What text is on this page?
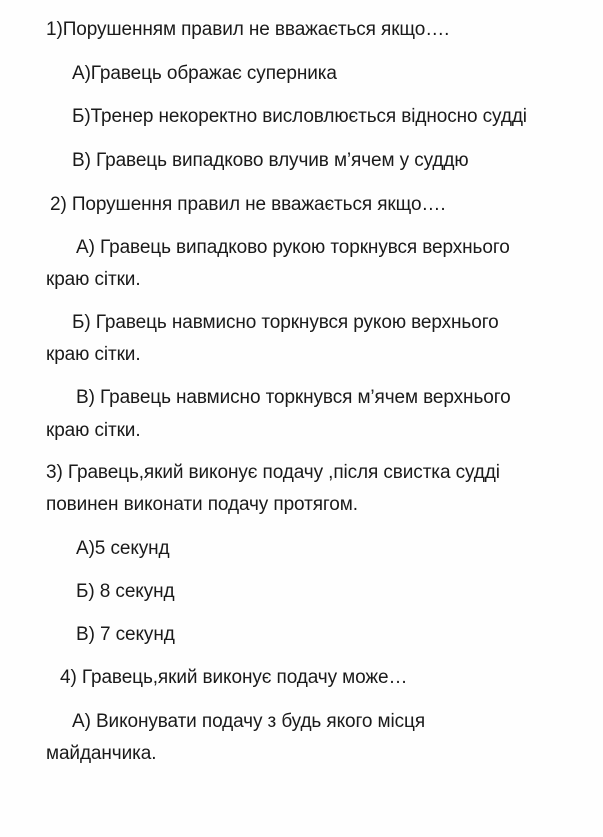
1)Порушенням правил не вважається якщо….
А)Гравець ображає суперника
Б)Тренер некоректно висловлюється відносно судді
В) Гравець випадково влучив м’ячем у суддю
2) Порушення правил не вважається якщо….
А) Гравець випадково рукою торкнувся верхнього
краю сітки.
Б) Гравець навмисно торкнувся рукою верхнього
краю сітки.
В) Гравець навмисно торкнувся м’ячем верхнього
краю сітки.
3) Гравець,який виконує подачу ,після свистка судді
повинен виконати подачу протягом.
А)5 секунд
Б) 8 секунд
В) 7 секунд
4) Гравець,який виконує подачу може…
А) Виконувати подачу з будь якого місця
майданчика.
